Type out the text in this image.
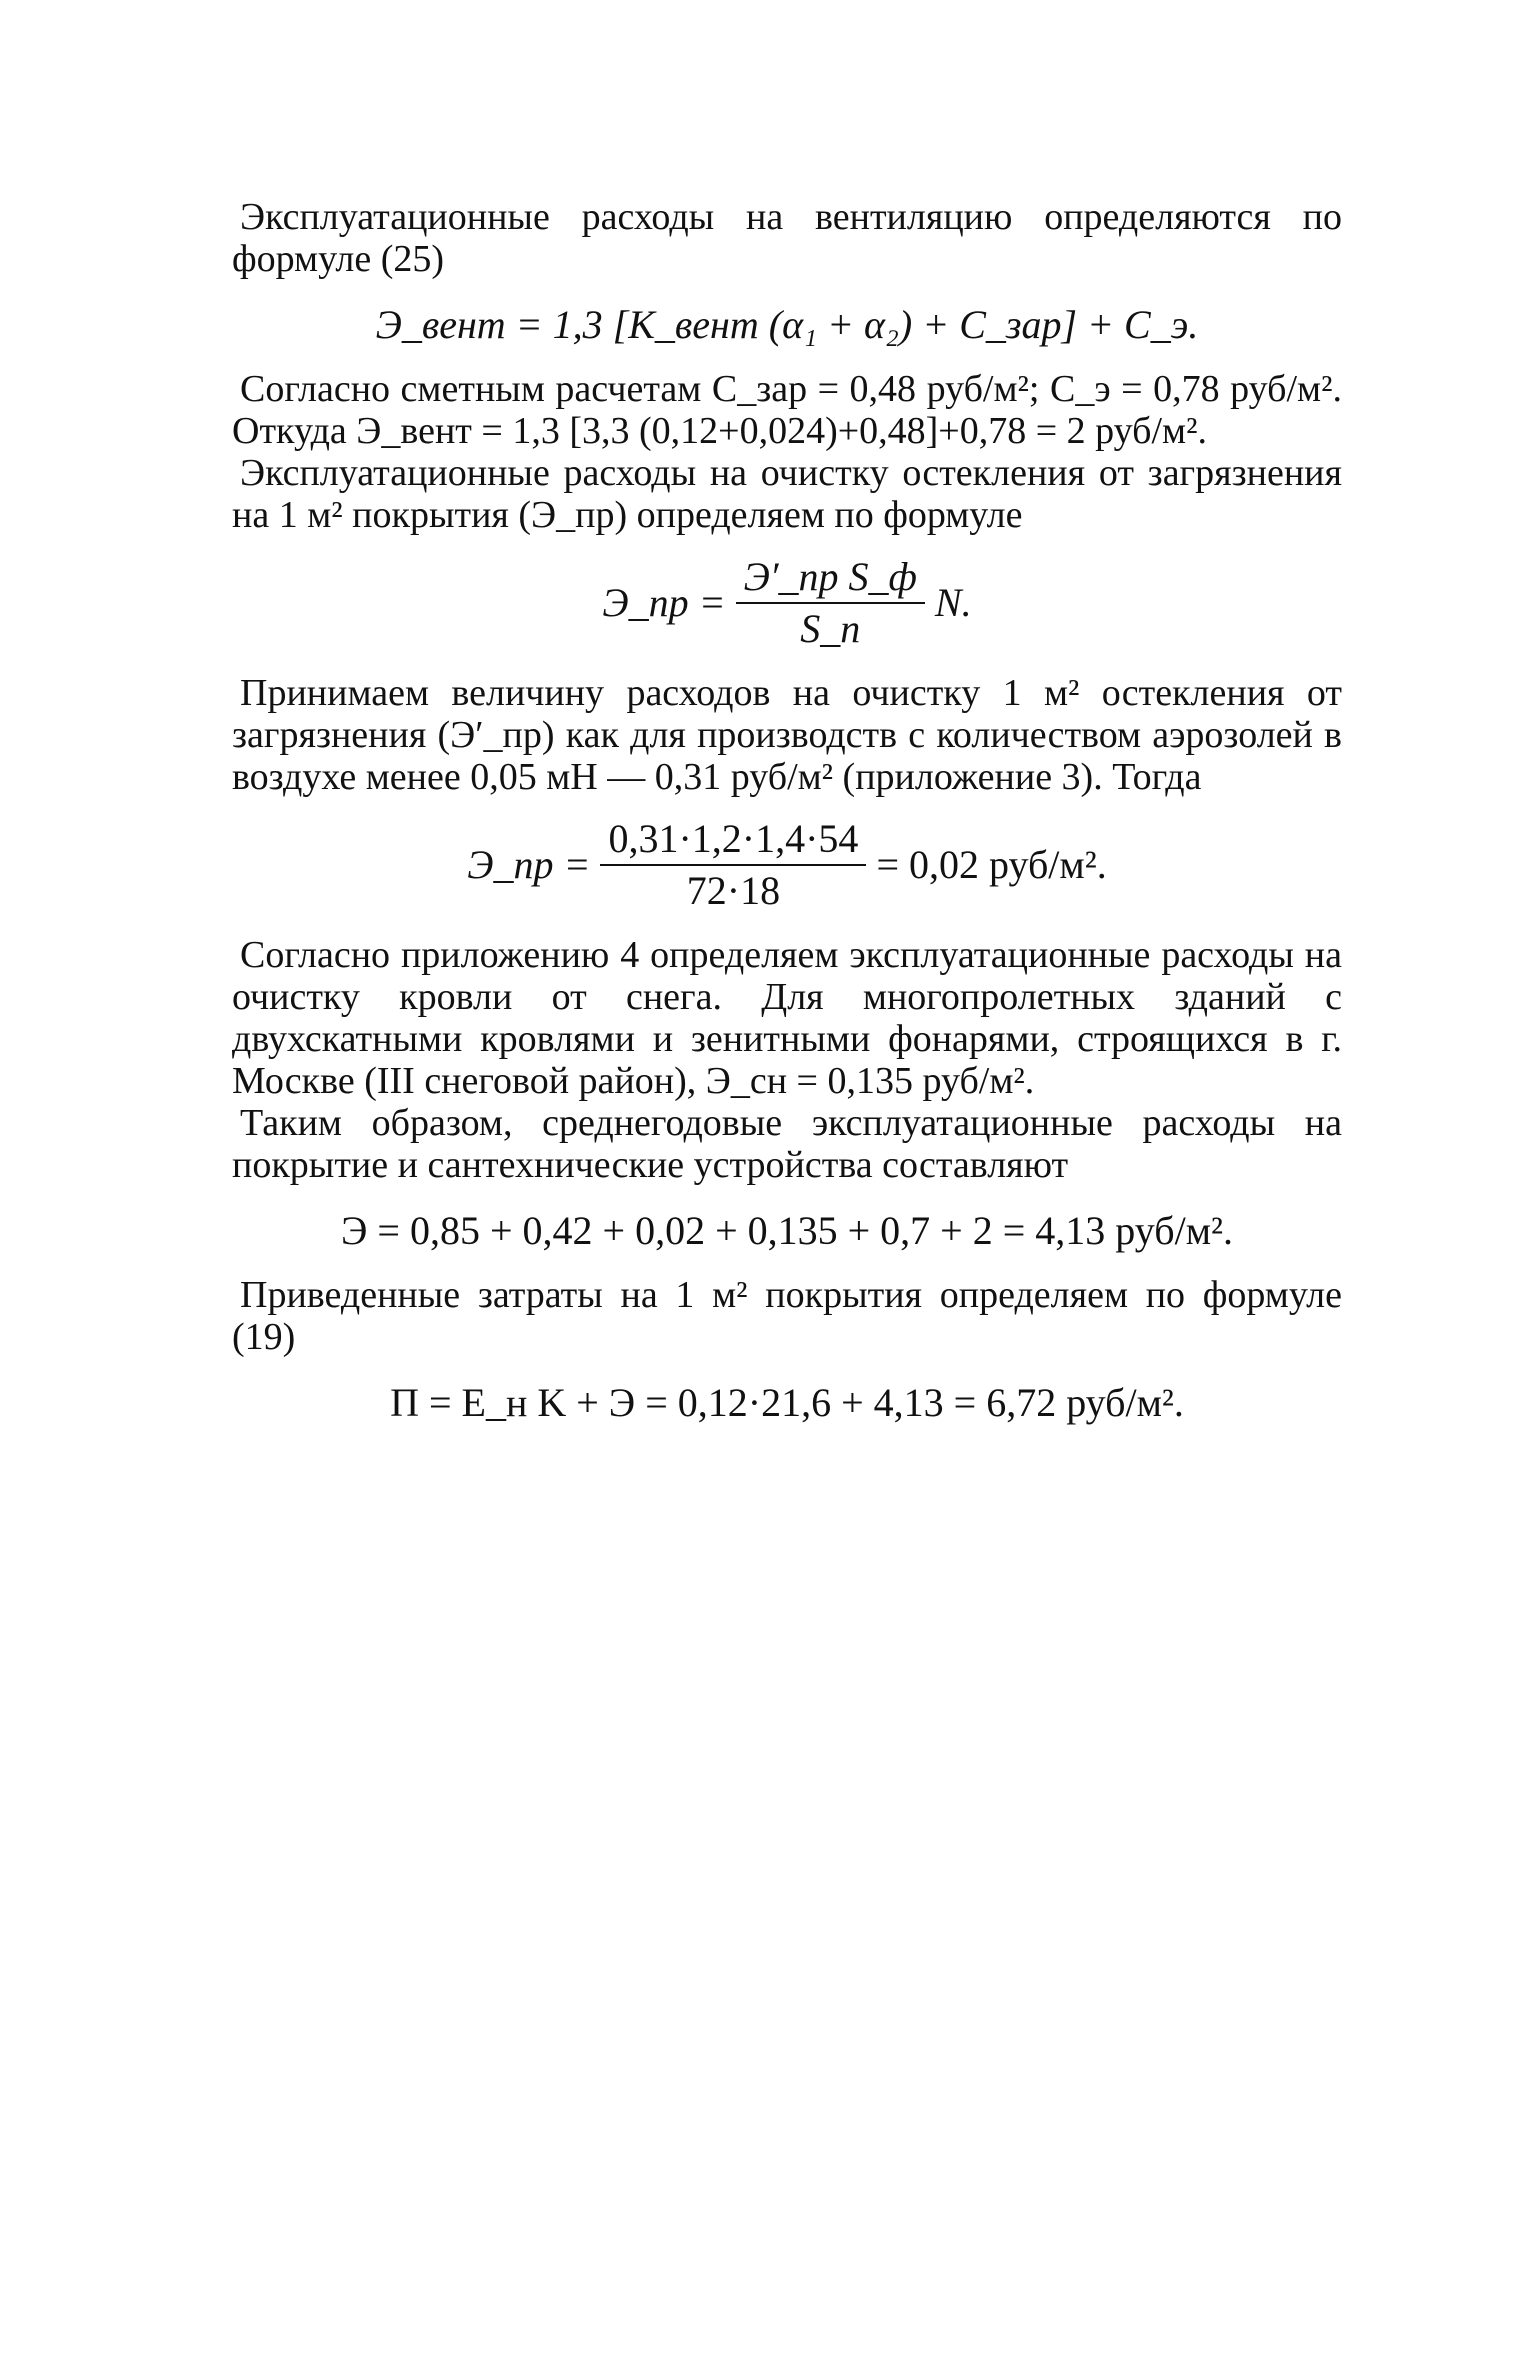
Эксплуатационные расходы на вентиляцию определяются по формуле (25)

Э_вент = 1,3 [K_вент (α₁ + α₂) + C_зар] + C_э.

Согласно сметным расчетам C_зар = 0,48 руб/м²; C_э = 0,78 руб/м². Откуда Э_вент = 1,3 [3,3 (0,12+0,024)+0,48]+0,78 = 2 руб/м².

Эксплуатационные расходы на очистку остекления от загрязнения на 1 м² покрытия (Э_пр) определяем по формуле

Э_пр = $\frac{\text{Э′\_пр S\_ф}}{S\_п} N$.

Принимаем величину расходов на очистку 1 м² остекления от загрязнения (Э′_пр) как для производств с количеством аэрозолей в воздухе менее 0,05 мН — 0,31 руб/м² (приложение 3). Тогда

Э_пр = $\frac{0,31\cdot 1,2\cdot 1,4\cdot 54}{72\cdot 18} = 0,02$ руб/м².

Согласно приложению 4 определяем эксплуатационные расходы на очистку кровли от снега. Для многопролетных зданий с двухскатными кровлями и зенитными фонарями, строящихся в г. Москве (III снеговой район), Э_сн = 0,135 руб/м².

Таким образом, среднегодовые эксплуатационные расходы на покрытие и сантехнические устройства составляют

Э = 0,85 + 0,42 + 0,02 + 0,135 + 0,7 + 2 = 4,13 руб/м².

Приведенные затраты на 1 м² покрытия определяем по формуле (19)

П = E_н K + Э = 0,12·21,6 + 4,13 = 6,72 руб/м².
